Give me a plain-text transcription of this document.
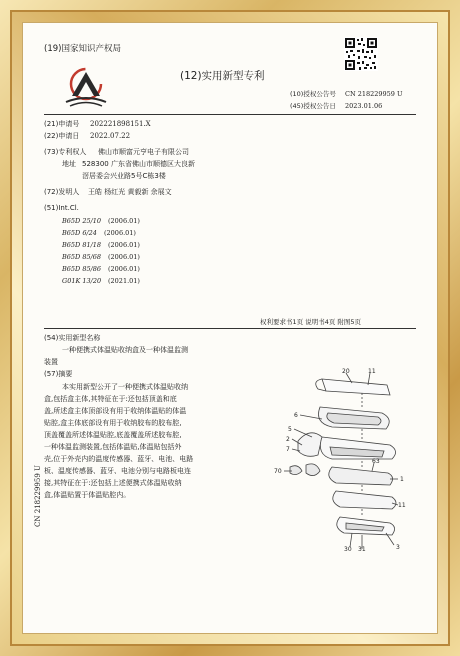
(19)国家知识产权局
(12)实用新型专利
(10)授权公告号 CN 218229959 U
(45)授权公告日 2023.01.06
(21)申请号 202221898151.X
(22)申请日 2022.07.22
(73)专利权人 佛山市顺富元亨电子有限公司
地址 528300 广东省佛山市顺德区大良新
滘居委会兴业路5号C栋3楼
(72)发明人 王皓 杨红光 黄毅新 余展文
(51)Int.Cl.
B65D 25/10 (2006.01)
B65D 6/24 (2006.01)
B65D 81/18 (2006.01)
B65D 85/68 (2006.01)
B65D 85/86 (2006.01)
G01K 13/20 (2021.01)
权利要求书1页 说明书4页 附图5页
(54)实用新型名称
一种便携式体温贴收纳盒及一种体温监测
装置
(57)摘要
本实用新型公开了一种便携式体温贴收纳
盒,包括盒主体,其特征在于:还包括顶盖和底
盖,所述盒主体顶部设有用于收纳体温贴的体温
贴腔,盒主体底部设有用于收纳胶布的胶布腔,
顶盖覆盖所述体温贴腔,底盖覆盖所述胶布腔,
一种体温监测装置,包括体温贴,体温贴包括外
壳,位于外壳内的温度传感器、蓝牙、电池、电路
板、温度传感器、蓝牙、电池分别与电路板电连
接,其特征在于:还包括上述便携式体温贴收纳
盒,体温贴置于体温贴腔内。
20	11
6
5
2
7
70
63
1
11
30 31	3
CN 218229959 U
